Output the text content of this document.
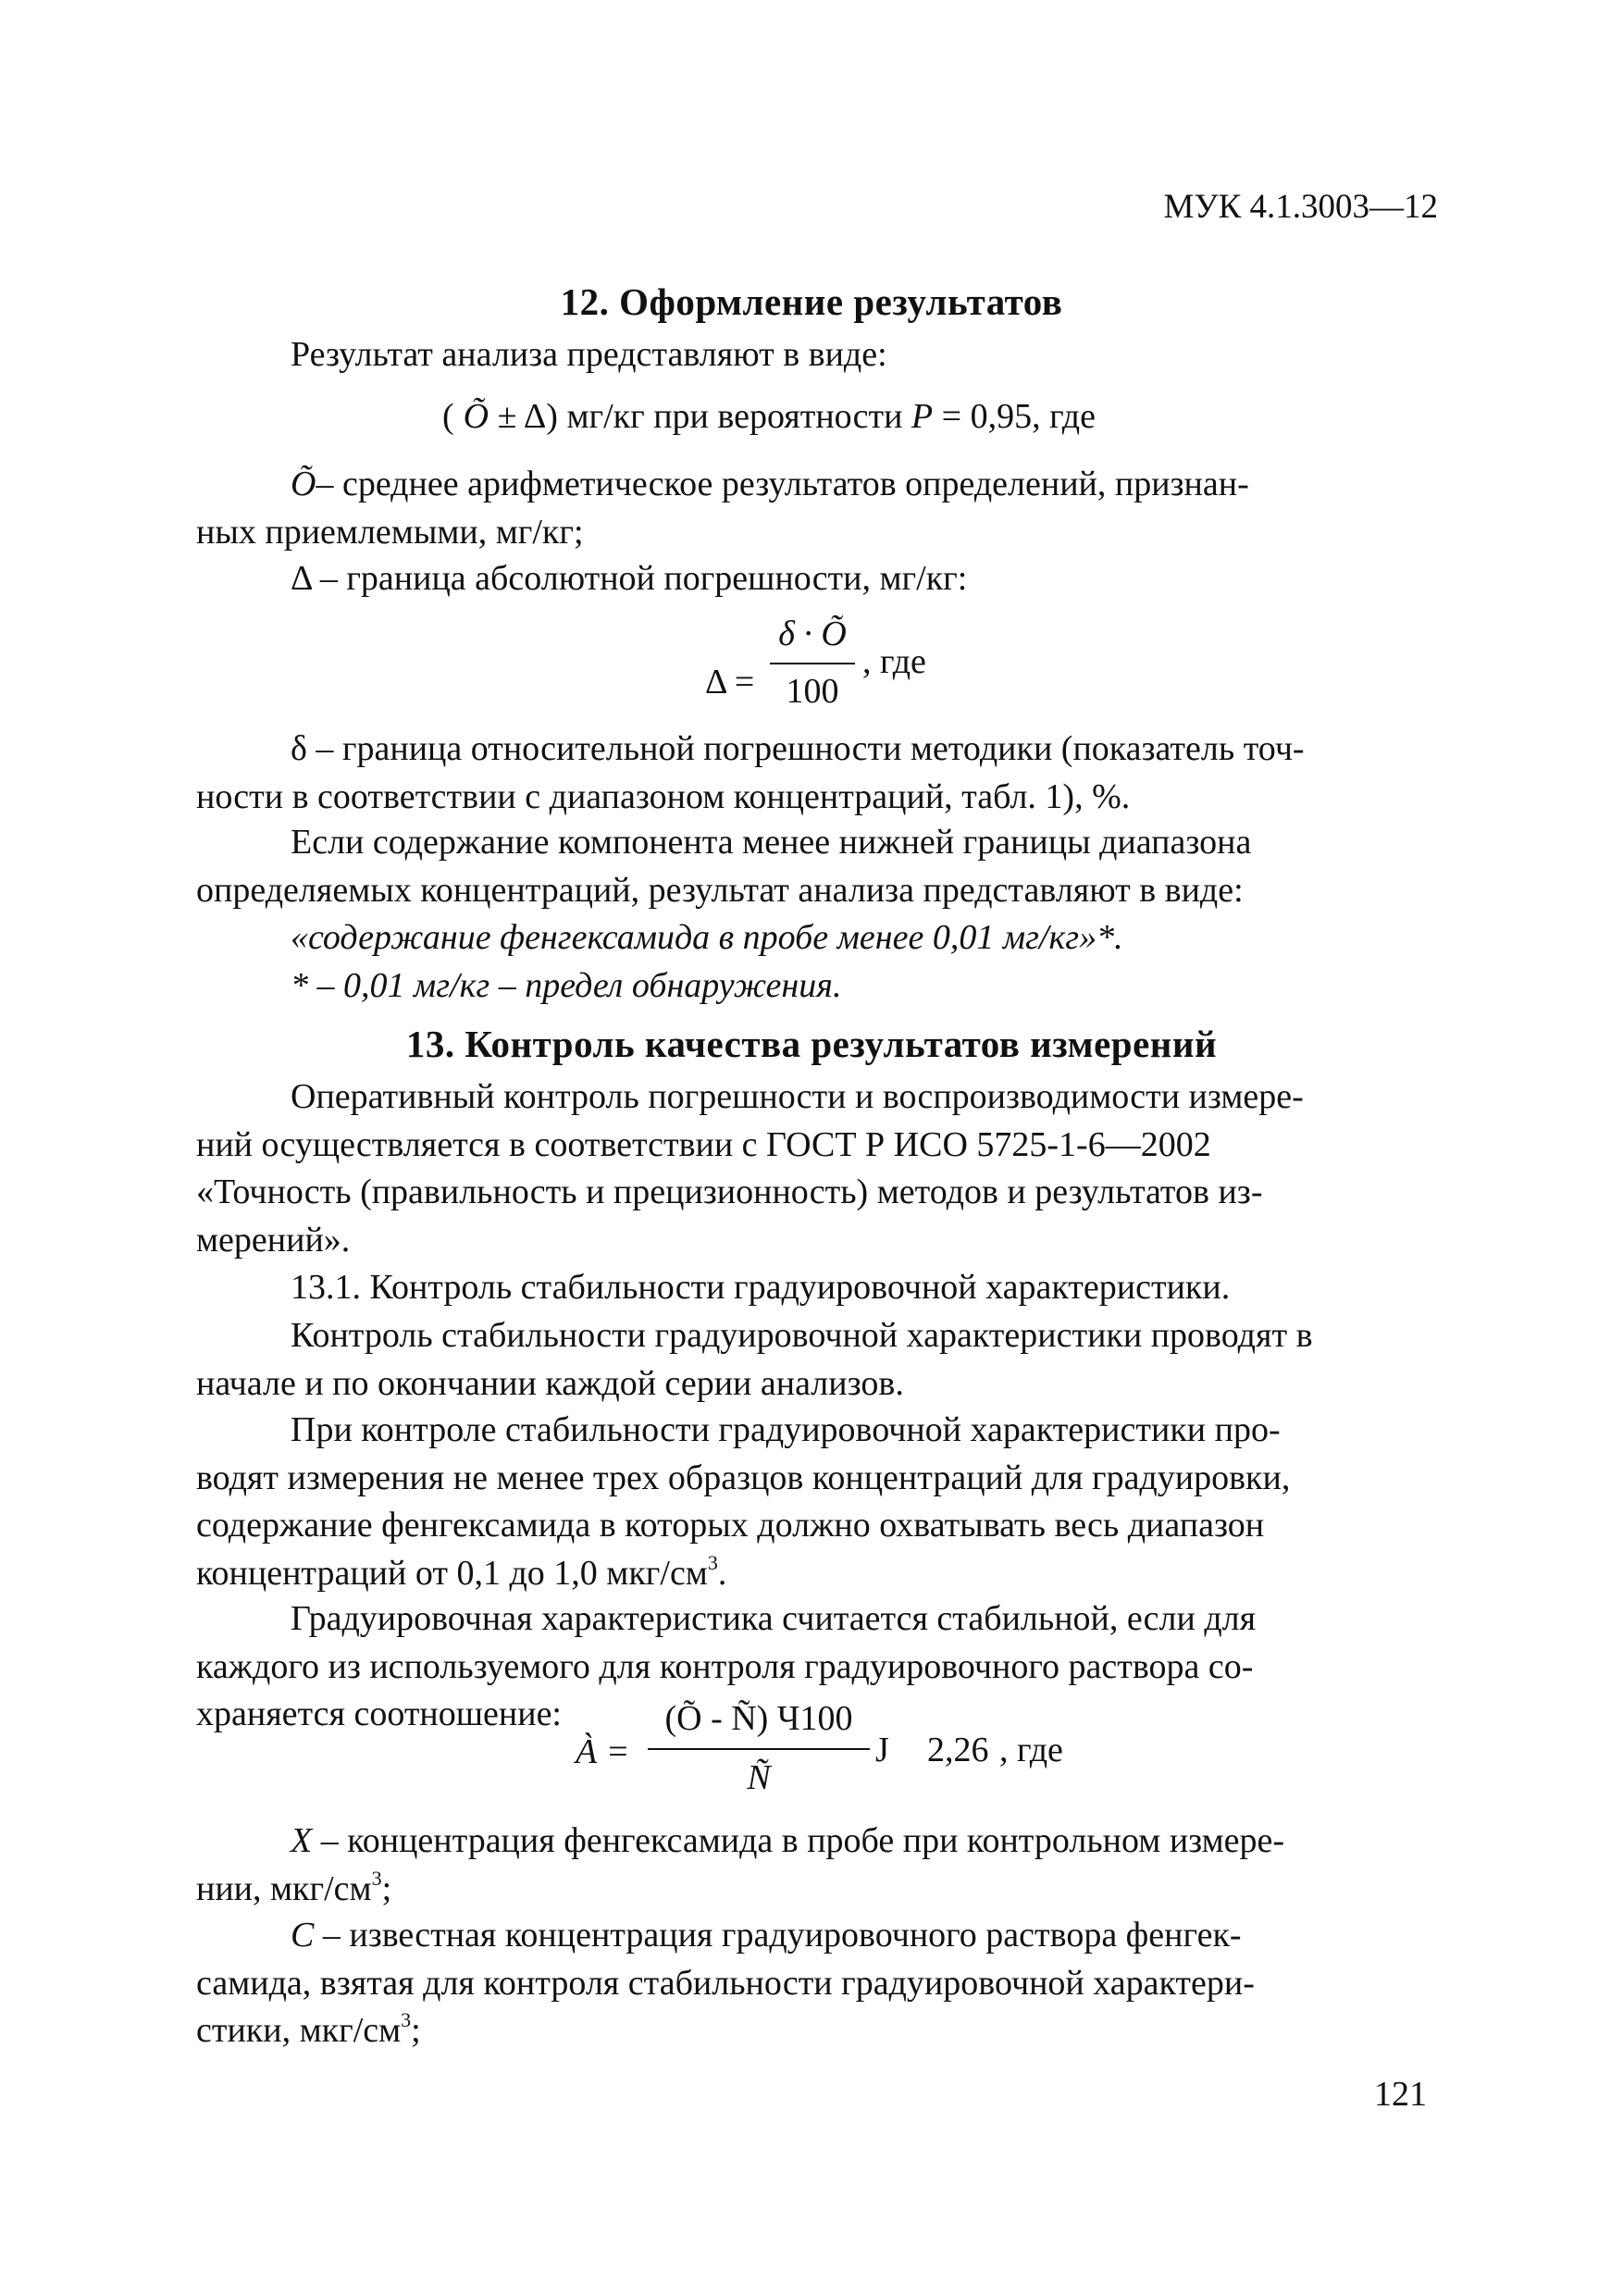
МУК 4.1.3003—12
12. Оформление результатов
Результат анализа представляют в виде:
( Õ ± Δ) мг/кг при вероятности P = 0,95, где
Õ– среднее арифметическое результатов определений, признан-
ных приемлемыми, мг/кг;
Δ – граница абсолютной погрешности, мг/кг:
Δ =
δ · Õ
100
, где
δ – граница относительной погрешности методики (показатель точ-
ности в соответствии с диапазоном концентраций, табл. 1), %.
Если содержание компонента менее нижней границы диапазона
определяемых концентраций, результат анализа представляют в виде:
«содержание фенгексамида в пробе менее 0,01 мг/кг»*.
* – 0,01 мг/кг – предел обнаружения.
13. Контроль качества результатов измерений
Оперативный контроль погрешности и воспроизводимости измере-
ний осуществляется в соответствии с ГОСТ Р ИСО 5725-1-6—2002
«Точность (правильность и прецизионность) методов и результатов из-
мерений».
13.1. Контроль стабильности градуировочной характеристики.
Контроль стабильности градуировочной характеристики проводят в
начале и по окончании каждой серии анализов.
При контроле стабильности градуировочной характеристики про-
водят измерения не менее трех образцов концентраций для градуировки,
содержание фенгексамида в которых должно охватывать весь диапазон
концентраций от 0,1 до 1,0 мкг/$см^3$.
Градуировочная характеристика считается стабильной, если для
каждого из используемого для контроля градуировочного раствора со-
храняется соотношение:
À =
(Õ - Ñ) Ч100
Ñ
J 2,26 , где
X – концентрация фенгексамида в пробе при контрольном измере-
нии, мкг/$см^3$;
C – известная концентрация градуировочного раствора фенгек-
самида, взятая для контроля стабильности градуировочной характери-
стики, мкг/$см^3$;
121
